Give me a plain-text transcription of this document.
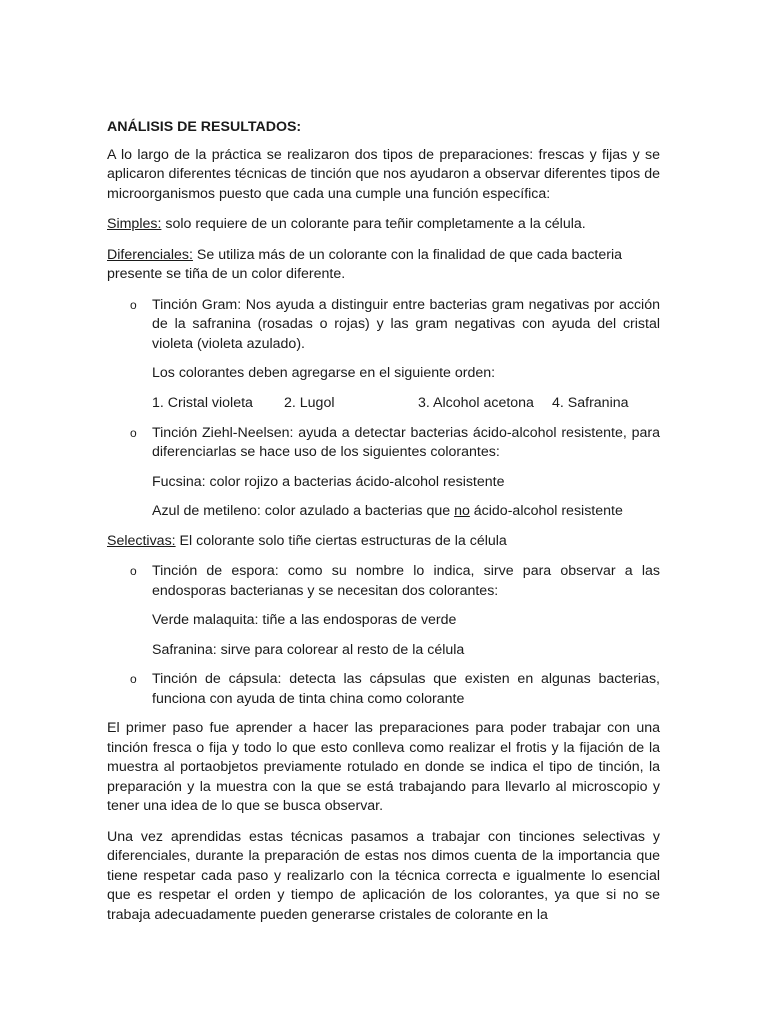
ANÁLISIS DE RESULTADOS:

A lo largo de la práctica se realizaron dos tipos de preparaciones: frescas y fijas y se aplicaron diferentes técnicas de tinción que nos ayudaron a observar diferentes tipos de microorganismos puesto que cada una cumple una función específica:

Simples: solo requiere de un colorante para teñir completamente a la célula.

Diferenciales: Se utiliza más de un colorante con la finalidad de que cada bacteria presente se tiña de un color diferente.

o Tinción Gram: Nos ayuda a distinguir entre bacterias gram negativas por acción de la safranina (rosadas o rojas) y las gram negativas con ayuda del cristal violeta (violeta azulado).
Los colorantes deben agregarse en el siguiente orden:
1. Cristal violeta 2. Lugol	3. Alcohol acetona 4. Safranina
o Tinción Ziehl-Neelsen: ayuda a detectar bacterias ácido-alcohol resistente, para diferenciarlas se hace uso de los siguientes colorantes:
Fucsina: color rojizo a bacterias ácido-alcohol resistente
Azul de metileno: color azulado a bacterias que no ácido-alcohol resistente

Selectivas: El colorante solo tiñe ciertas estructuras de la célula

o Tinción de espora: como su nombre lo indica, sirve para observar a las endosporas bacterianas y se necesitan dos colorantes:
Verde malaquita: tiñe a las endosporas de verde
Safranina: sirve para colorear al resto de la célula
o Tinción de cápsula: detecta las cápsulas que existen en algunas bacterias, funciona con ayuda de tinta china como colorante

El primer paso fue aprender a hacer las preparaciones para poder trabajar con una tinción fresca o fija y todo lo que esto conlleva como realizar el frotis y la fijación de la muestra al portaobjetos previamente rotulado en donde se indica el tipo de tinción, la preparación y la muestra con la que se está trabajando para llevarlo al microscopio y tener una idea de lo que se busca observar.

Una vez aprendidas estas técnicas pasamos a trabajar con tinciones selectivas y diferenciales, durante la preparación de estas nos dimos cuenta de la importancia que tiene respetar cada paso y realizarlo con la técnica correcta e igualmente lo esencial que es respetar el orden y tiempo de aplicación de los colorantes, ya que si no se trabaja adecuadamente pueden generarse cristales de colorante en la
